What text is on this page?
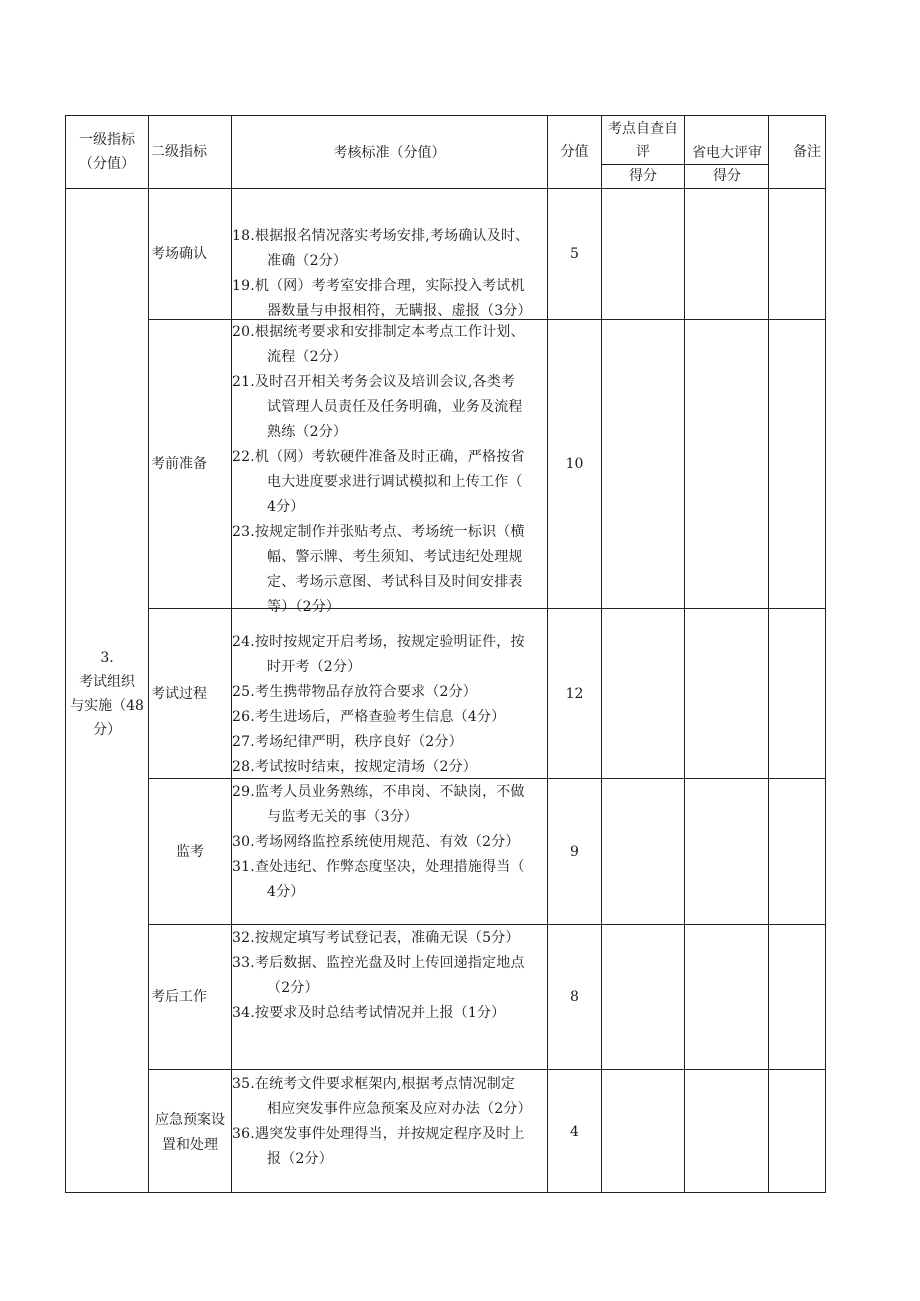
一级指标
（分值）
二级指标	考核标准（分值）	分值
考点自查自
评
得分
省电大评审
得分
备注
3.
考试组织
与实施（48
分）
考场确认
18.根据报名情况落实考场安排,考场确认及时、
准确（2分）
19.机（网）考考室安排合理，实际投入考试机
器数量与申报相符，无瞒报、虚报（3分）
5
考前准备
20.根据统考要求和安排制定本考点工作计划、
流程（2分）
21.及时召开相关考务会议及培训会议,各类考
试管理人员责任及任务明确，业务及流程
熟练（2分）
22.机（网）考软硬件准备及时正确，严格按省
电大进度要求进行调试模拟和上传工作（
4分）
23.按规定制作并张贴考点、考场统一标识（横
幅、警示牌、考生须知、考试违纪处理规
定、考场示意图、考试科目及时间安排表
等）（2分）
10
考试过程
24.按时按规定开启考场，按规定验明证件，按
时开考（2分）
25.考生携带物品存放符合要求（2分）
26.考生进场后，严格查验考生信息（4分）
27.考场纪律严明，秩序良好（2分）
28.考试按时结束，按规定清场（2分）
12
监考
29.监考人员业务熟练，不串岗、不缺岗，不做
与监考无关的事（3分）
30.考场网络监控系统使用规范、有效（2分）
31.查处违纪、作弊态度坚决，处理措施得当（
4分）
9
考后工作
32.按规定填写考试登记表，准确无误（5分）
33.考后数据、监控光盘及时上传回递指定地点
（2分）
34.按要求及时总结考试情况并上报（1分）
8
应急预案设
置和处理
35.在统考文件要求框架内,根据考点情况制定
相应突发事件应急预案及应对办法（2分）
36.遇突发事件处理得当，并按规定程序及时上
报（2分）
4
